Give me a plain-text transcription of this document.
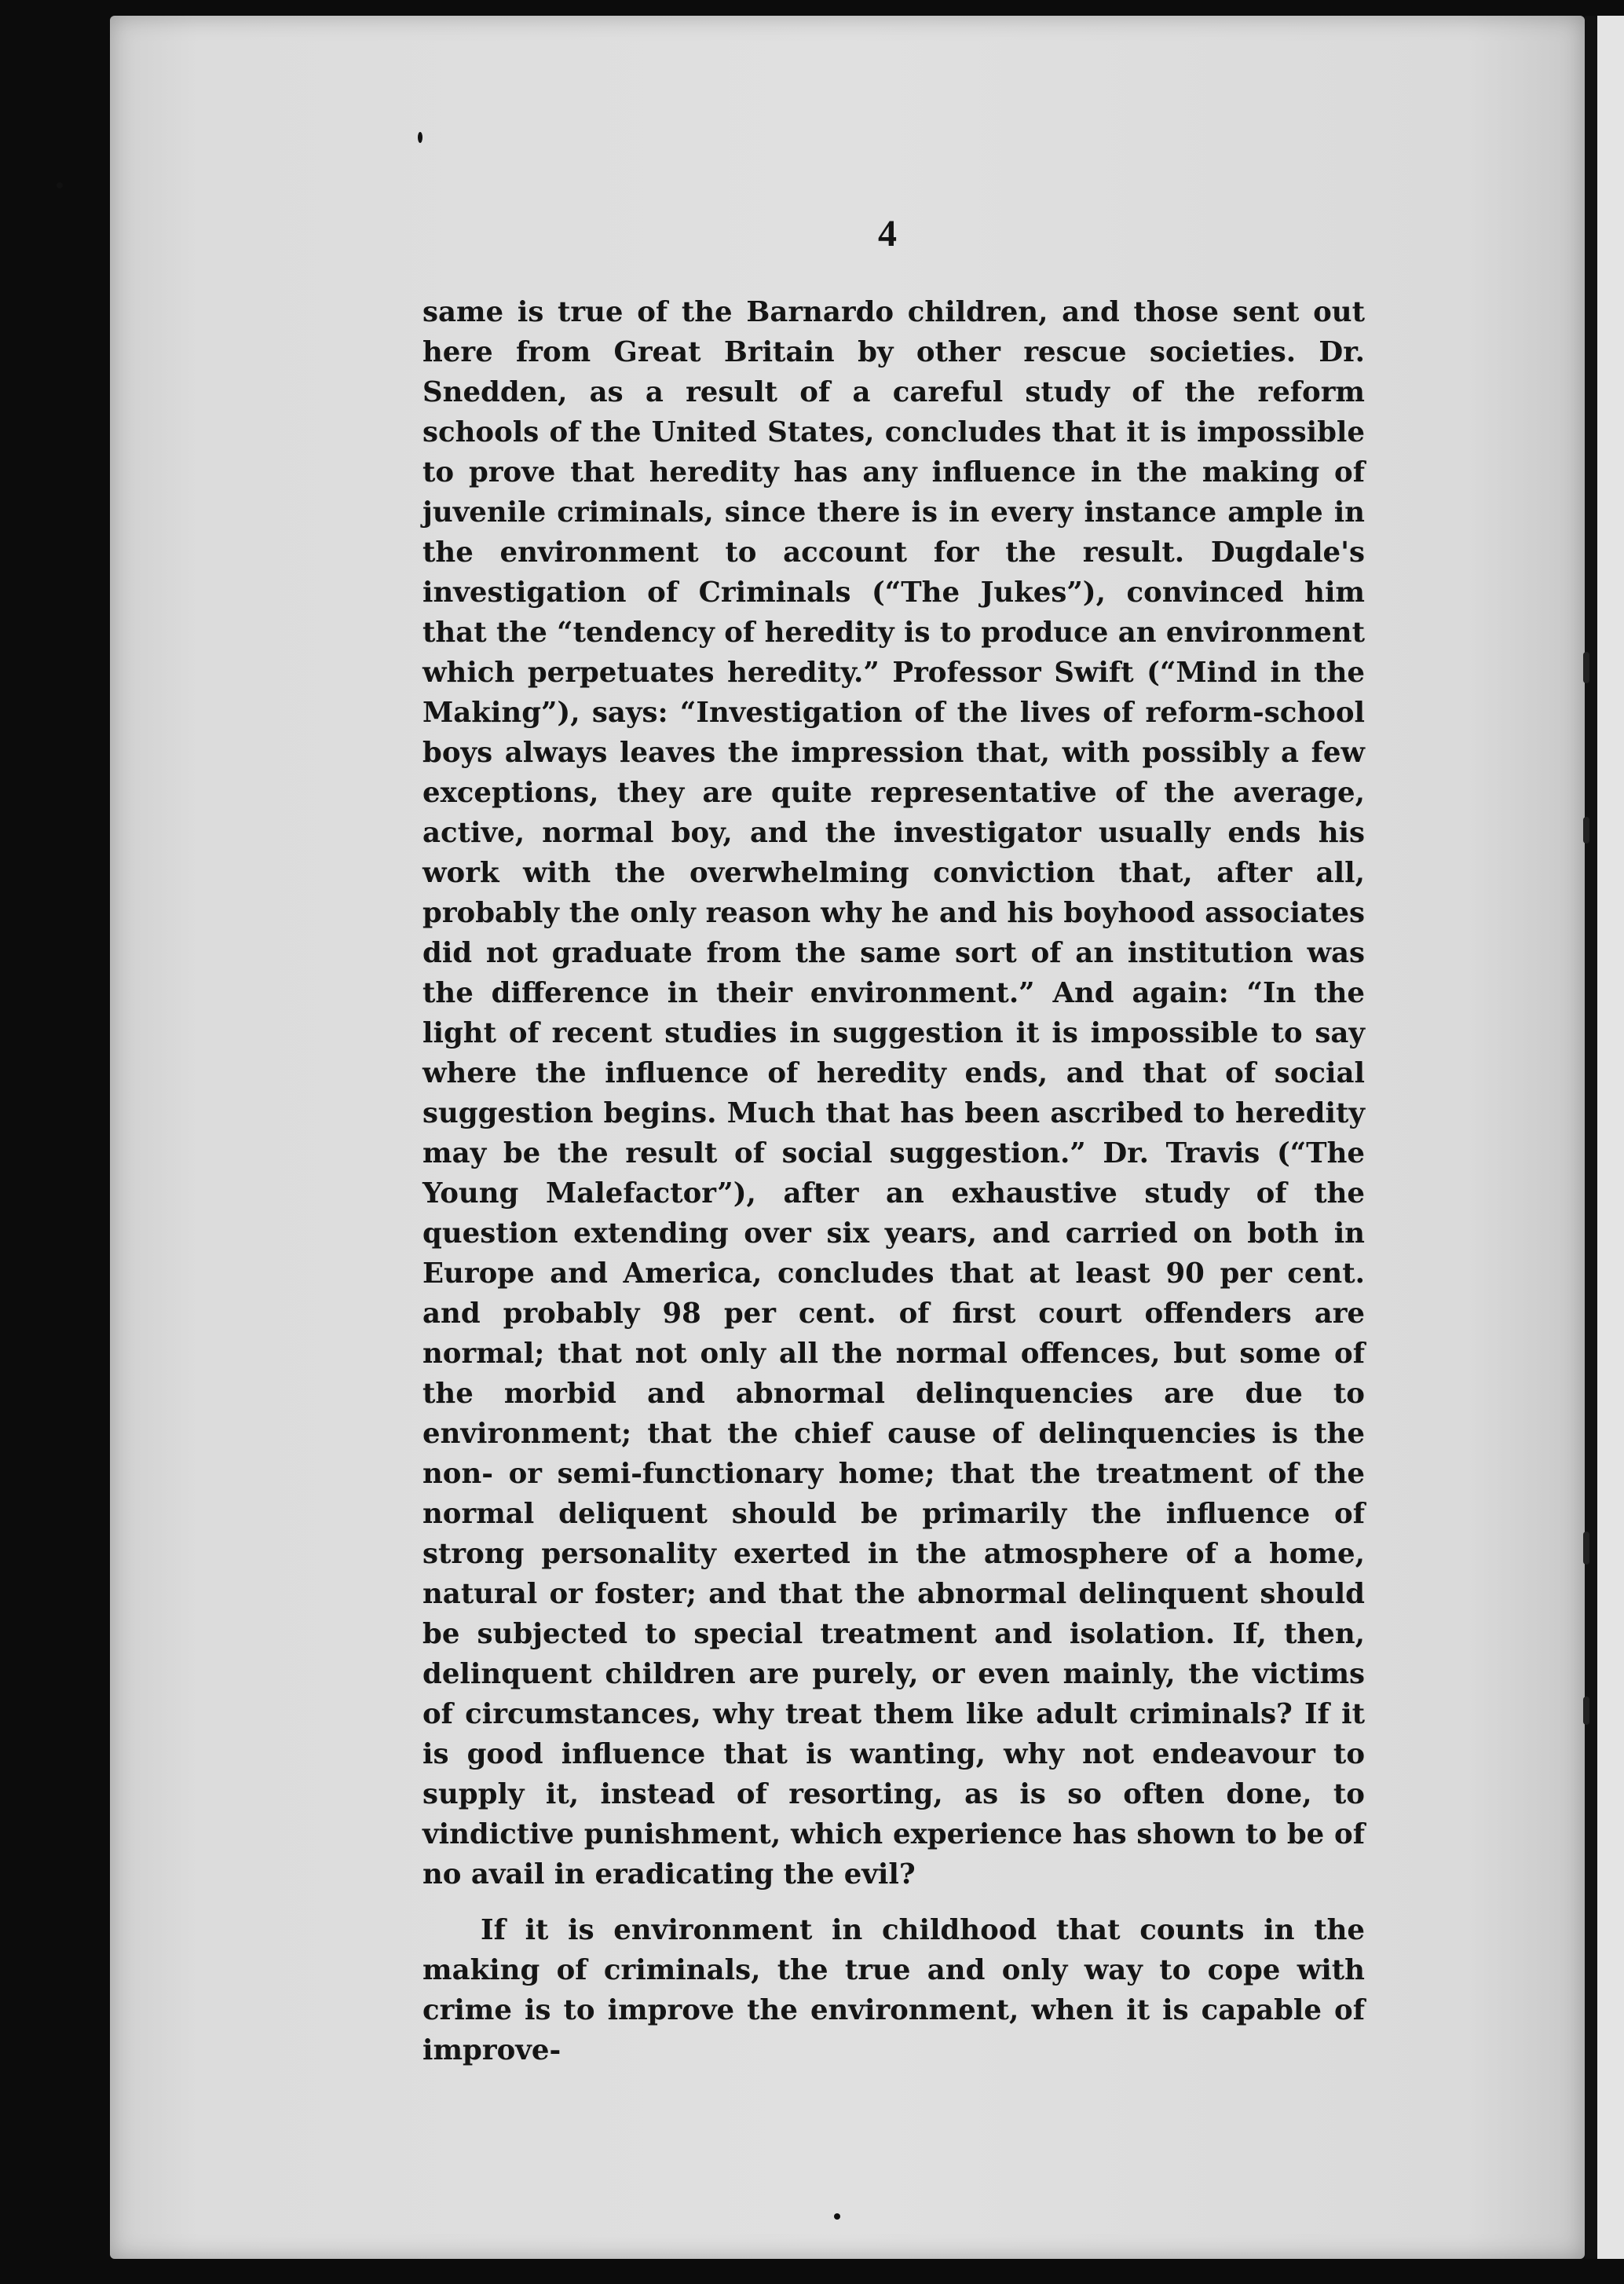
4

same is true of the Barnardo children, and those sent out here from Great Britain by other rescue societies. Dr. Snedden, as a result of a careful study of the reform schools of the United States, concludes that it is impossible to prove that heredity has any influence in the making of juvenile criminals, since there is in every instance ample in the environment to account for the result. Dugdale's investigation of Criminals (“The Jukes”), convinced him that the “tendency of heredity is to produce an environment which perpetuates heredity.” Professor Swift (“Mind in the Making”), says: “Investigation of the lives of reform-school boys always leaves the impression that, with possibly a few exceptions, they are quite representative of the average, active, normal boy, and the investigator usually ends his work with the overwhelming conviction that, after all, probably the only reason why he and his boyhood associates did not graduate from the same sort of an institution was the difference in their environment.” And again: “In the light of recent studies in suggestion it is impossible to say where the influence of heredity ends, and that of social suggestion begins. Much that has been ascribed to heredity may be the result of social suggestion.” Dr. Travis (“The Young Malefactor”), after an exhaustive study of the question extending over six years, and carried on both in Europe and America, concludes that at least 90 per cent. and probably 98 per cent. of first court offenders are normal; that not only all the normal offences, but some of the morbid and abnormal delinquencies are due to environment; that the chief cause of delinquencies is the non- or semi-functionary home; that the treatment of the normal deliquent should be primarily the influence of strong personality exerted in the atmosphere of a home, natural or foster; and that the abnormal delinquent should be subjected to special treatment and isolation. If, then, delinquent children are purely, or even mainly, the victims of circumstances, why treat them like adult criminals? If it is good influence that is wanting, why not endeavour to supply it, instead of resorting, as is so often done, to vindictive punishment, which experience has shown to be of no avail in eradicating the evil?

If it is environment in childhood that counts in the making of criminals, the true and only way to cope with crime is to improve the environment, when it is capable of improve-
